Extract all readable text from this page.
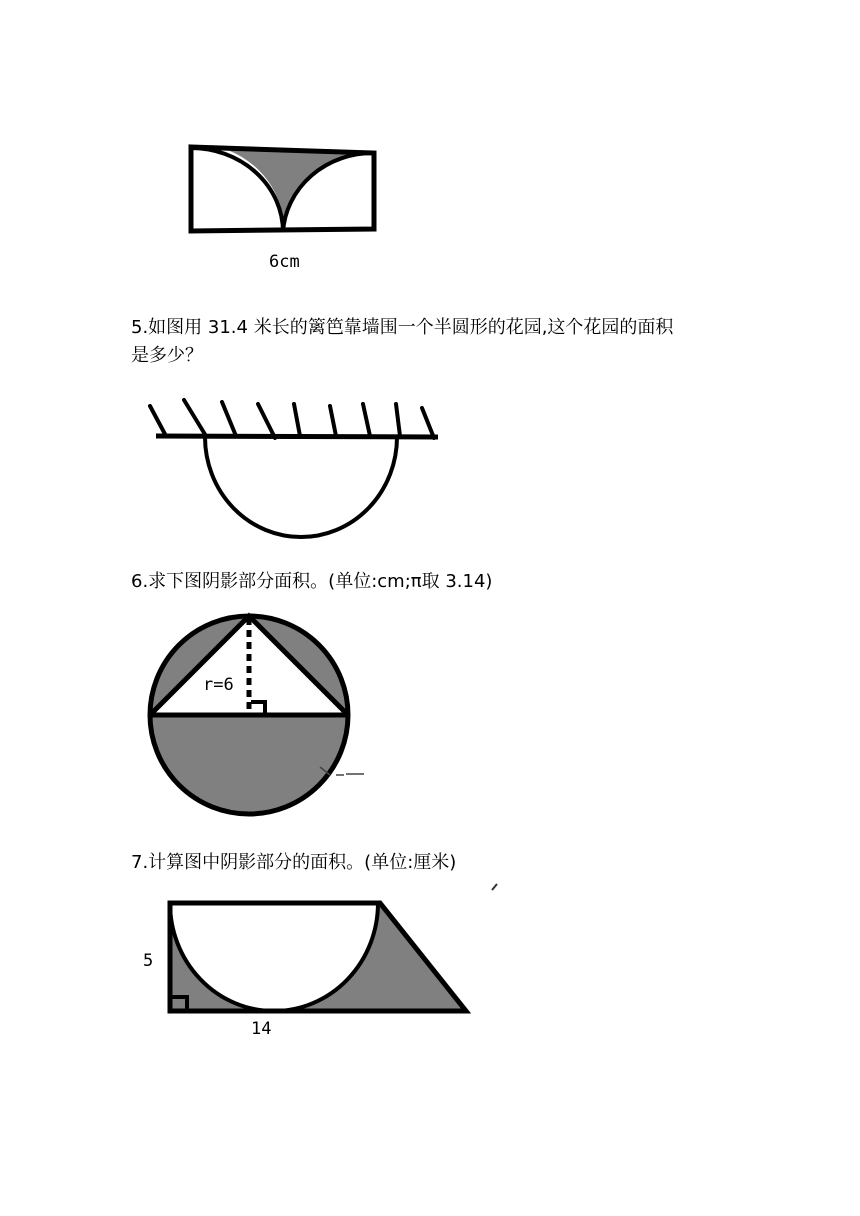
6cm
5.如图用 31.4 米长的篱笆靠墙围一个半圆形的花园,这个花园的面积
是多少？
6.求下图阴影部分面积。(单位:cm;π取 3.14)
r=6
7.计算图中阴影部分的面积。(单位:厘米)
5
14
